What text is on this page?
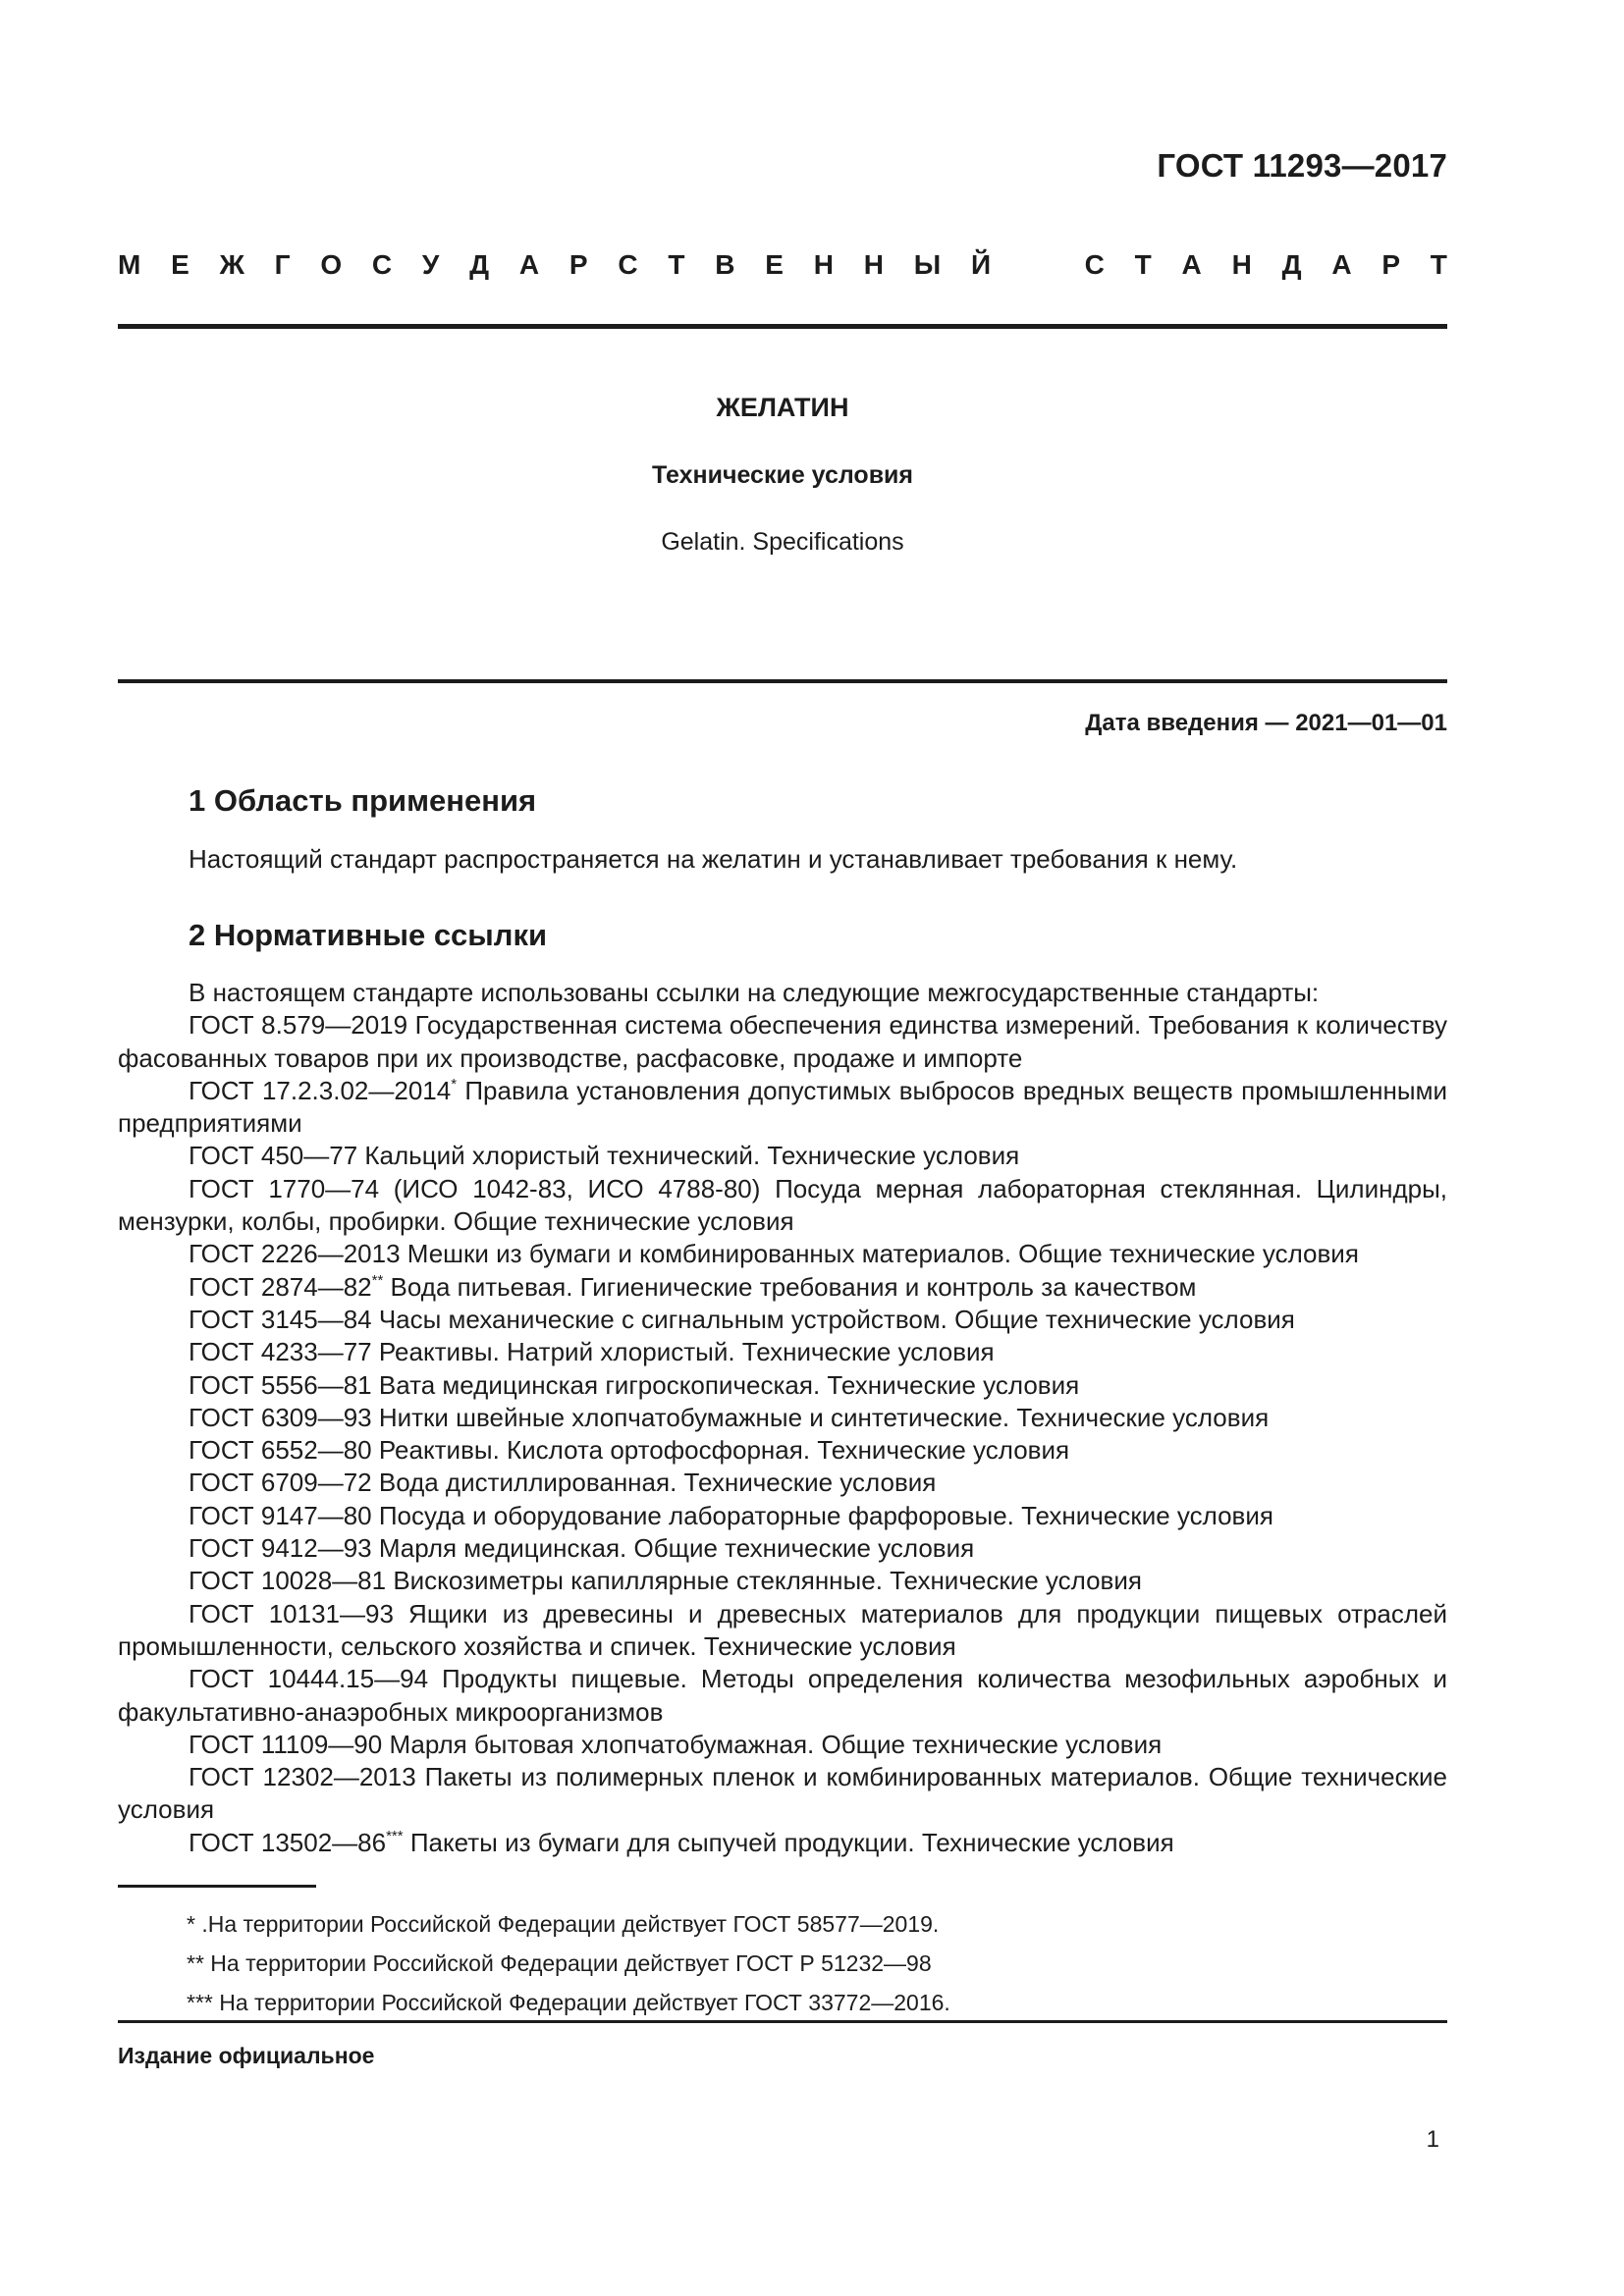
ГОСТ 11293—2017
М Е Ж Г О С У Д А Р С Т В Е Н Н Ы Й	С Т А Н Д А Р Т
ЖЕЛАТИН
Технические условия
Gelatin. Specifications
Дата введения — 2021—01—01
1 Область применения
Настоящий стандарт распространяется на желатин и устанавливает требования к нему.
2 Нормативные ссылки

В настоящем стандарте использованы ссылки на следующие межгосударственные стандарты:

ГОСТ 8.579—2019 Государственная система обеспечения единства измерений. Требования к количеству фасованных товаров при их производстве, расфасовке, продаже и импорте

ГОСТ 17.2.3.02—2014* Правила установления допустимых выбросов вредных веществ промышленными предприятиями

ГОСТ 450—77 Кальций хлористый технический. Технические условия

ГОСТ 1770—74 (ИСО 1042-83, ИСО 4788-80) Посуда мерная лабораторная стеклянная. Цилиндры, мензурки, колбы, пробирки. Общие технические условия

ГОСТ 2226—2013 Мешки из бумаги и комбинированных материалов. Общие технические условия

ГОСТ 2874—82** Вода питьевая. Гигиенические требования и контроль за качеством

ГОСТ 3145—84 Часы механические с сигнальным устройством. Общие технические условия

ГОСТ 4233—77 Реактивы. Натрий хлористый. Технические условия

ГОСТ 5556—81 Вата медицинская гигроскопическая. Технические условия

ГОСТ 6309—93 Нитки швейные хлопчатобумажные и синтетические. Технические условия

ГОСТ 6552—80 Реактивы. Кислота ортофосфорная. Технические условия

ГОСТ 6709—72 Вода дистиллированная. Технические условия

ГОСТ 9147—80 Посуда и оборудование лабораторные фарфоровые. Технические условия

ГОСТ 9412—93 Марля медицинская. Общие технические условия

ГОСТ 10028—81 Вискозиметры капиллярные стеклянные. Технические условия

ГОСТ 10131—93 Ящики из древесины и древесных материалов для продукции пищевых отраслей промышленности, сельского хозяйства и спичек. Технические условия

ГОСТ 10444.15—94 Продукты пищевые. Методы определения количества мезофильных аэробных и факультативно-анаэробных микроорганизмов

ГОСТ 11109—90 Марля бытовая хлопчатобумажная. Общие технические условия

ГОСТ 12302—2013 Пакеты из полимерных пленок и комбинированных материалов. Общие технические условия

ГОСТ 13502—86*** Пакеты из бумаги для сыпучей продукции. Технические условия

* .На территории Российской Федерации действует ГОСТ 58577—2019.
** На территории Российской Федерации действует ГОСТ Р 51232—98
*** На территории Российской Федерации действует ГОСТ 33772—2016.
Издание официальное
1
